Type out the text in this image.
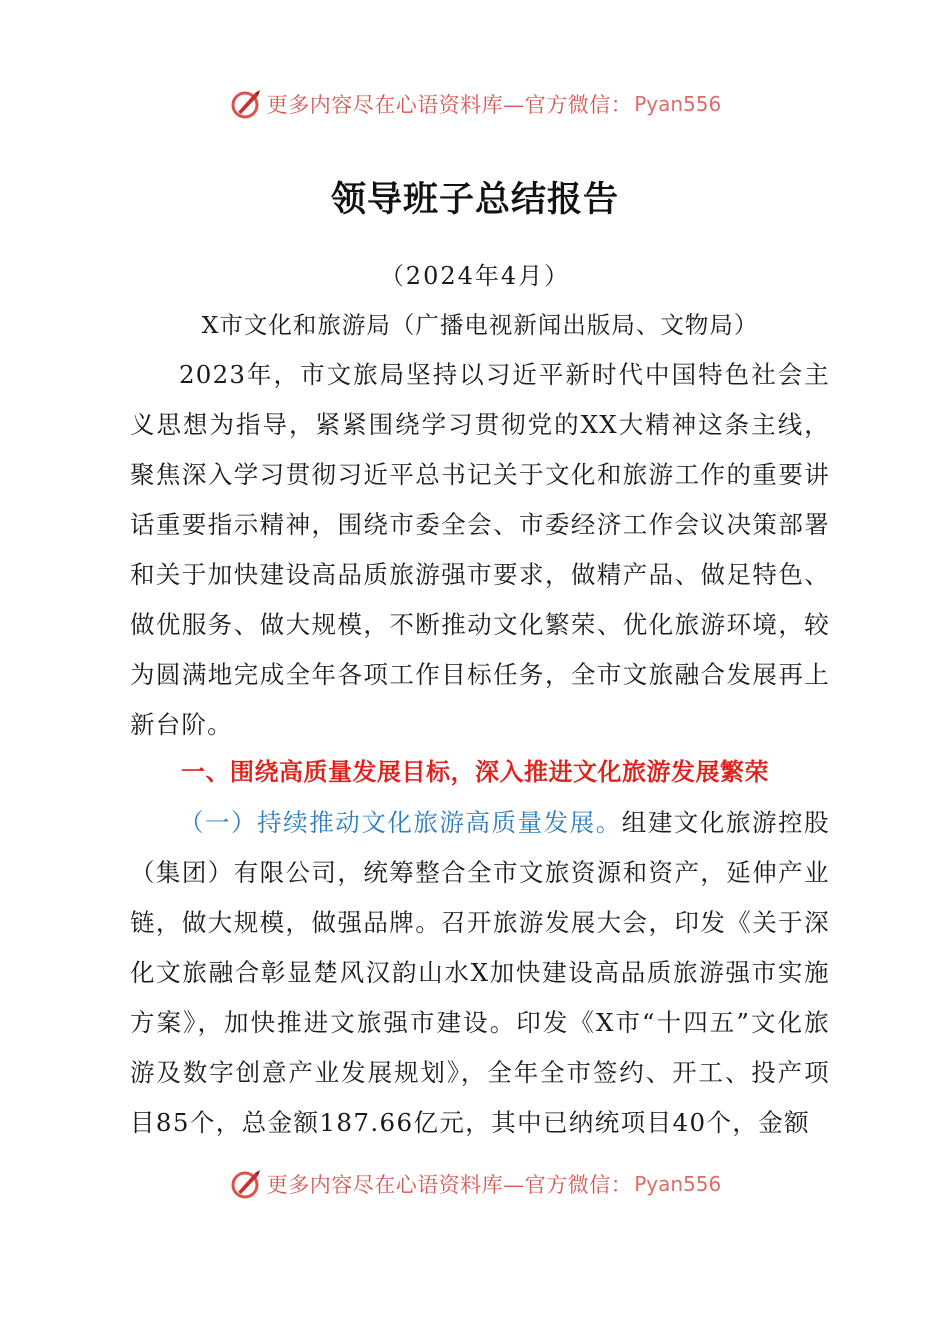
更多内容尽在心语资料库—官方微信： Pyan556
领导班子总结报告
（2024年4月）
X市文化和旅游局（广播电视新闻出版局、文物局）
2023年，市文旅局坚持以习近平新时代中国特色社会主义思想为指导，紧紧围绕学习贯彻党的XX大精神这条主线，聚焦深入学习贯彻习近平总书记关于文化和旅游工作的重要讲话重要指示精神，围绕市委全会、市委经济工作会议决策部署和关于加快建设高品质旅游强市要求，做精产品、做足特色、做优服务、做大规模，不断推动文化繁荣、优化旅游环境，较为圆满地完成全年各项工作目标任务，全市文旅融合发展再上新台阶。
一、围绕高质量发展目标，深入推进文化旅游发展繁荣
（一）持续推动文化旅游高质量发展。组建文化旅游控股（集团）有限公司，统筹整合全市文旅资源和资产，延伸产业链，做大规模，做强品牌。召开旅游发展大会，印发《关于深化文旅融合彰显楚风汉韵山水X加快建设高品质旅游强市实施方案》，加快推进文旅强市建设。印发《X市“十四五”文化旅游及数字创意产业发展规划》，全年全市签约、开工、投产项目85个，总金额187.66亿元，其中已纳统项目40个，金额
更多内容尽在心语资料库—官方微信： Pyan556
